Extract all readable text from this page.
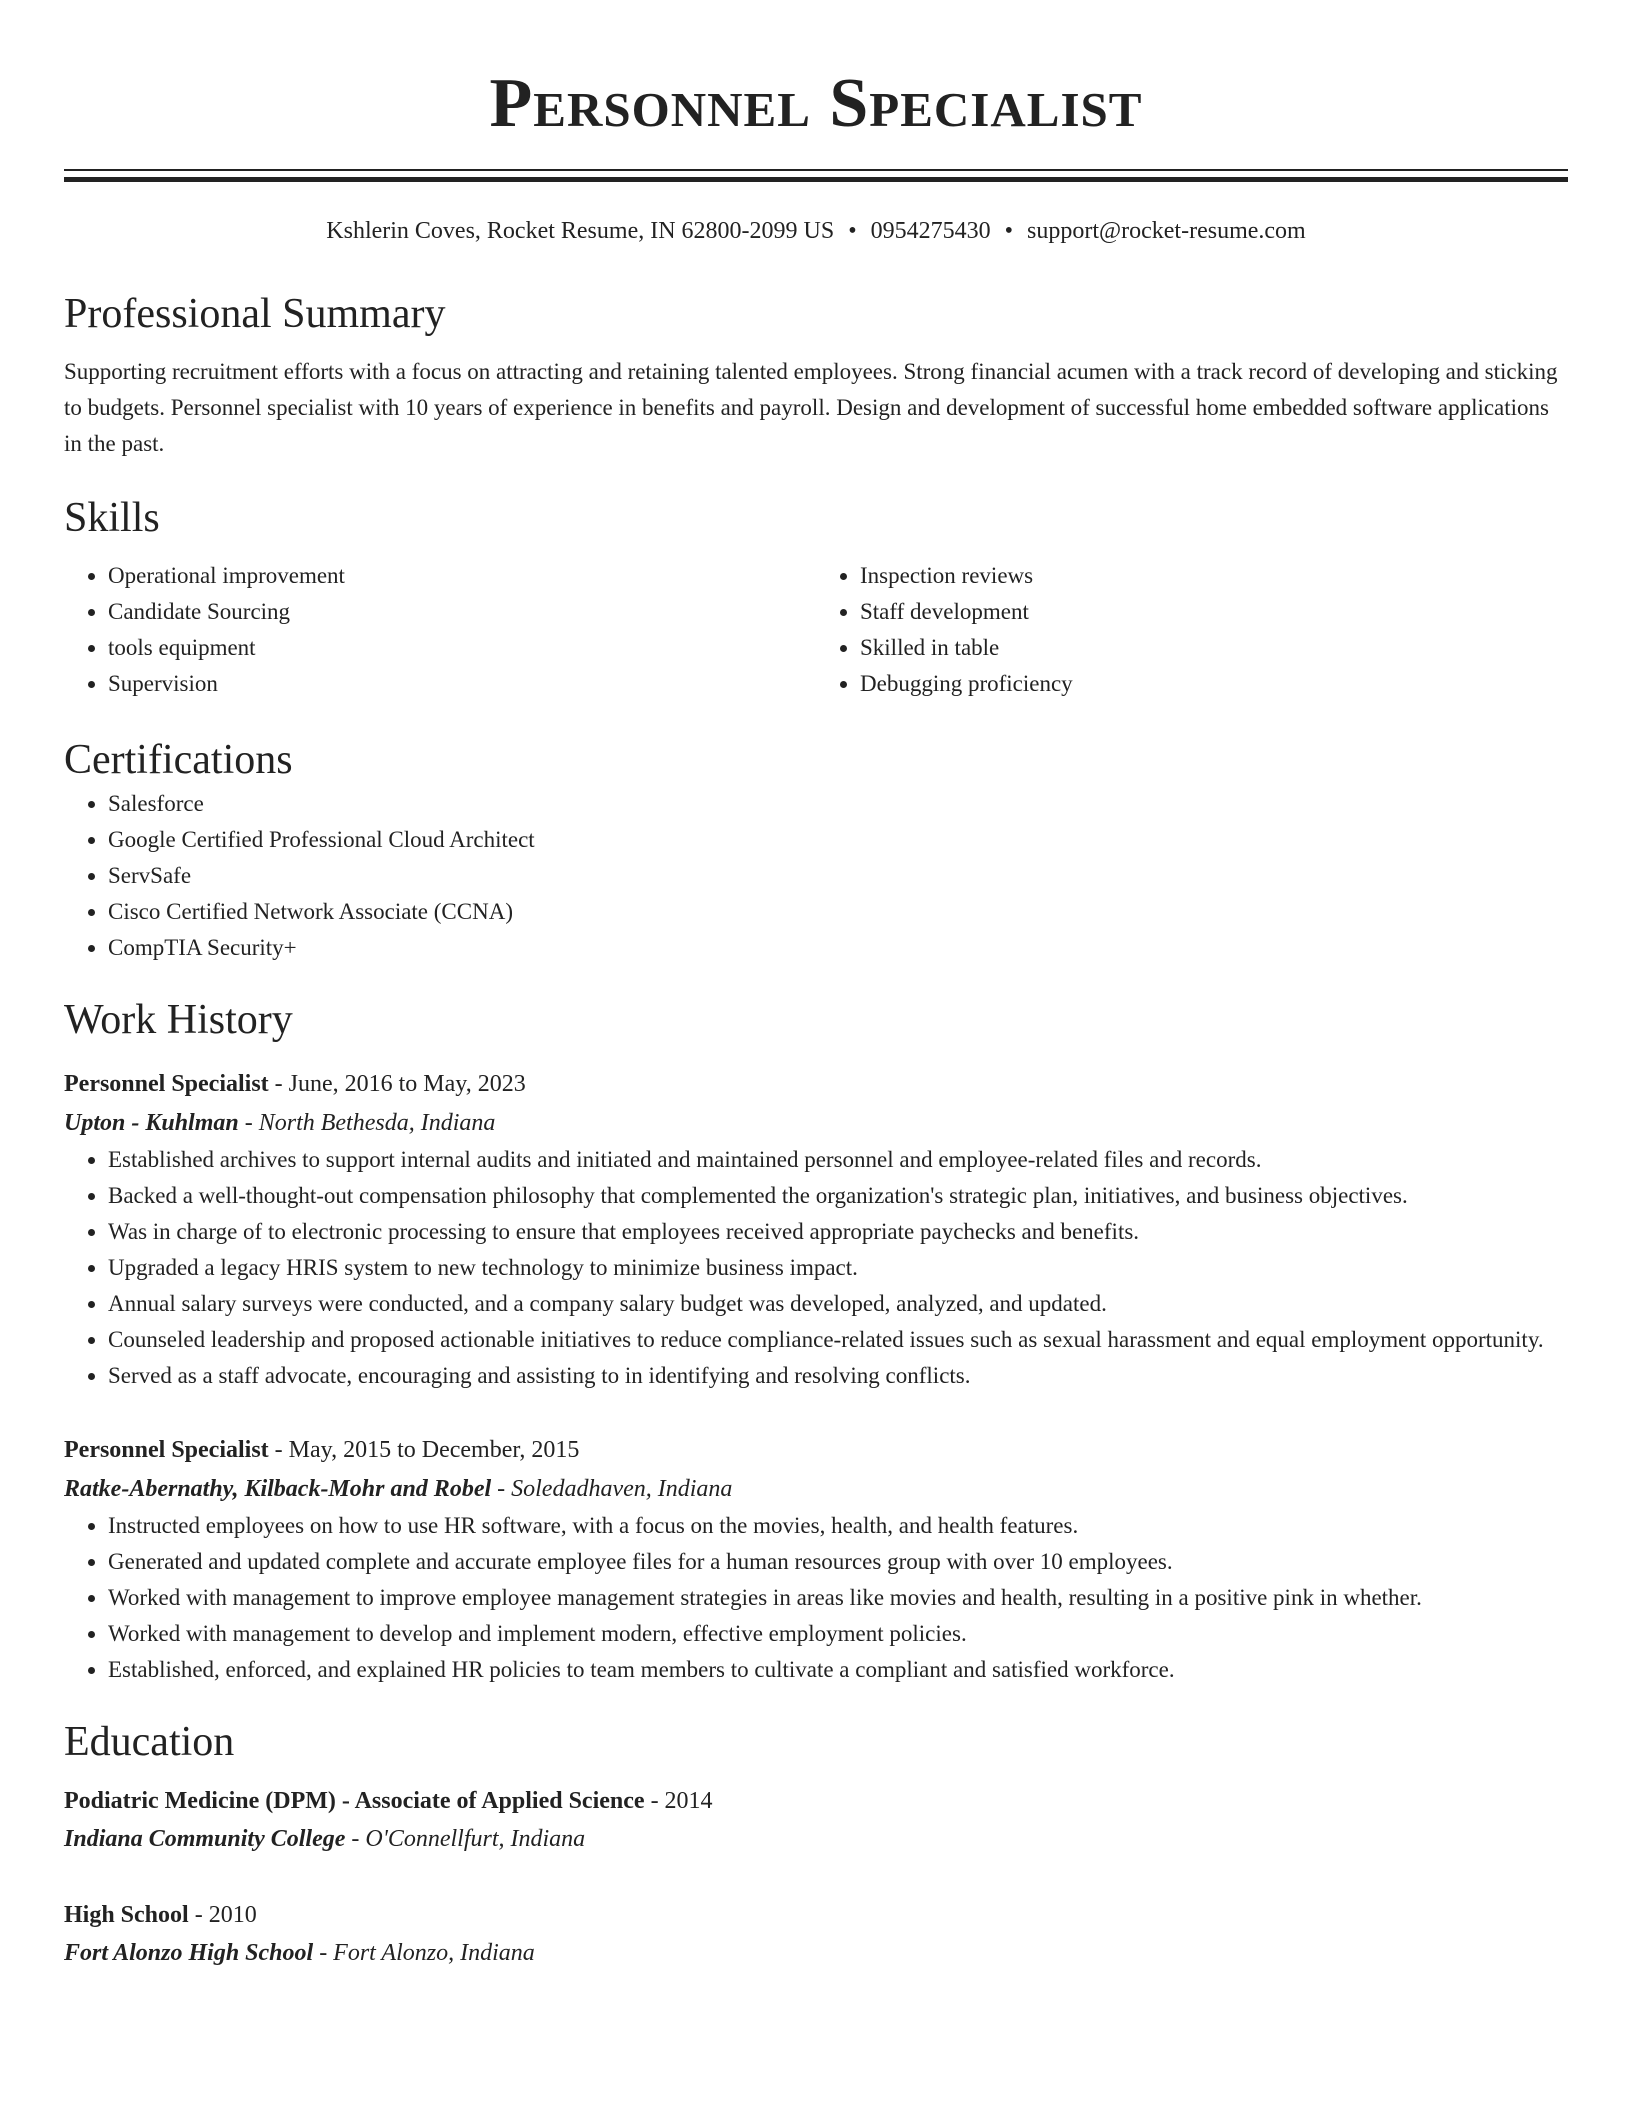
Personnel Specialist
Kshlerin Coves, Rocket Resume, IN 62800-2099 US • 0954275430 • support@rocket-resume.com
Professional Summary

Supporting recruitment efforts with a focus on attracting and retaining talented employees. Strong financial acumen with a track record of developing and sticking to budgets. Personnel specialist with 10 years of experience in benefits and payroll. Design and development of successful home embedded software applications in the past.

Skills
• Operational improvement
• Candidate Sourcing
• tools equipment
• Supervision
• Inspection reviews
• Staff development
• Skilled in table
• Debugging proficiency
Certifications
• Salesforce
• Google Certified Professional Cloud Architect
• ServSafe
• Cisco Certified Network Associate (CCNA)
• CompTIA Security+
Work History
Personnel Specialist - June, 2016 to May, 2023
Upton - Kuhlman - North Bethesda, Indiana
• Established archives to support internal audits and initiated and maintained personnel and employee-related files and records.
• Backed a well-thought-out compensation philosophy that complemented the organization's strategic plan, initiatives, and business objectives.
• Was in charge of to electronic processing to ensure that employees received appropriate paychecks and benefits.
• Upgraded a legacy HRIS system to new technology to minimize business impact.
• Annual salary surveys were conducted, and a company salary budget was developed, analyzed, and updated.
• Counseled leadership and proposed actionable initiatives to reduce compliance-related issues such as sexual harassment and equal employment opportunity.
• Served as a staff advocate, encouraging and assisting to in identifying and resolving conflicts.
Personnel Specialist - May, 2015 to December, 2015
Ratke-Abernathy, Kilback-Mohr and Robel - Soledadhaven, Indiana
• Instructed employees on how to use HR software, with a focus on the movies, health, and health features.
• Generated and updated complete and accurate employee files for a human resources group with over 10 employees.
• Worked with management to improve employee management strategies in areas like movies and health, resulting in a positive pink in whether.
• Worked with management to develop and implement modern, effective employment policies.
• Established, enforced, and explained HR policies to team members to cultivate a compliant and satisfied workforce.
Education
Podiatric Medicine (DPM) - Associate of Applied Science - 2014
Indiana Community College - O'Connellfurt, Indiana
High School - 2010
Fort Alonzo High School - Fort Alonzo, Indiana
